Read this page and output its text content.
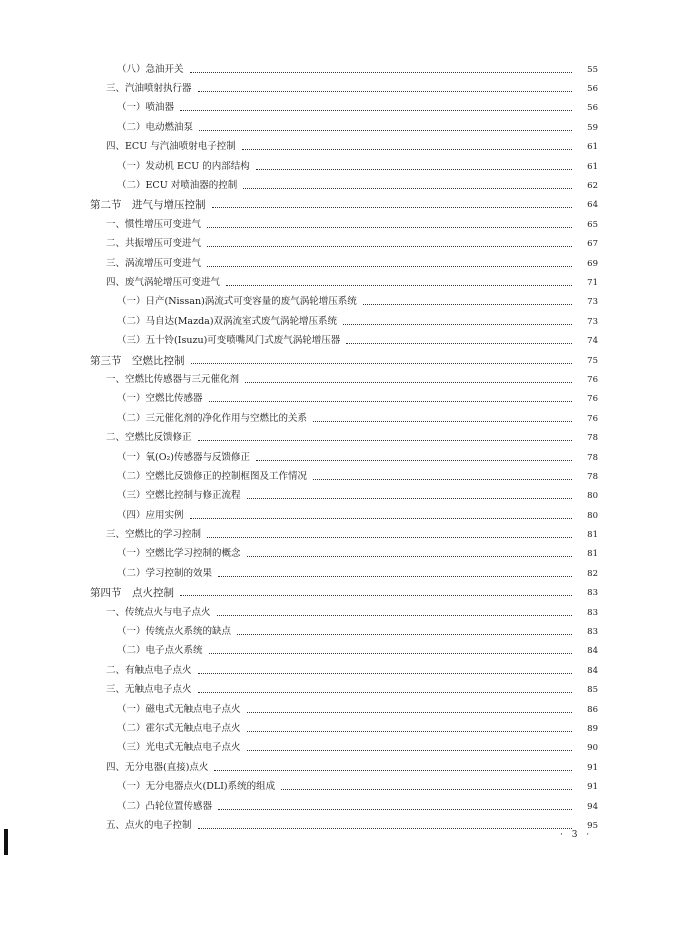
（八）急油开关	55
三、汽油喷射执行器	56
（一）喷油器	56
（二）电动燃油泵	59
四、ECU 与汽油喷射电子控制	61
（一）发动机 ECU 的内部结构	61
（二）ECU 对喷油器的控制	62
第二节　进气与增压控制	64
一、惯性增压可变进气	65
二、共振增压可变进气	67
三、涡流增压可变进气	69
四、废气涡轮增压可变进气	71
（一）日产(Nissan)涡流式可变容量的废气涡轮增压系统	73
（二）马自达(Mazda)双涡流室式废气涡轮增压系统	73
（三）五十铃(Isuzu)可变喷嘴风门式废气涡轮增压器	74
第三节　空燃比控制	75
一、空燃比传感器与三元催化剂	76
（一）空燃比传感器	76
（二）三元催化剂的净化作用与空燃比的关系	76
二、空燃比反馈修正	78
（一）氧(O₂)传感器与反馈修正	78
（二）空燃比反馈修正的控制框图及工作情况	78
（三）空燃比控制与修正流程	80
（四）应用实例	80
三、空燃比的学习控制	81
（一）空燃比学习控制的概念	81
（二）学习控制的效果	82
第四节　点火控制	83
一、传统点火与电子点火	83
（一）传统点火系统的缺点	83
（二）电子点火系统	84
二、有触点电子点火	84
三、无触点电子点火	85
（一）磁电式无触点电子点火	86
（二）霍尔式无触点电子点火	89
（三）光电式无触点电子点火	90
四、无分电器(直接)点火	91
（一）无分电器点火(DLI)系统的组成	91
（二）凸轮位置传感器	94
五、点火的电子控制	95
· 3 ·
